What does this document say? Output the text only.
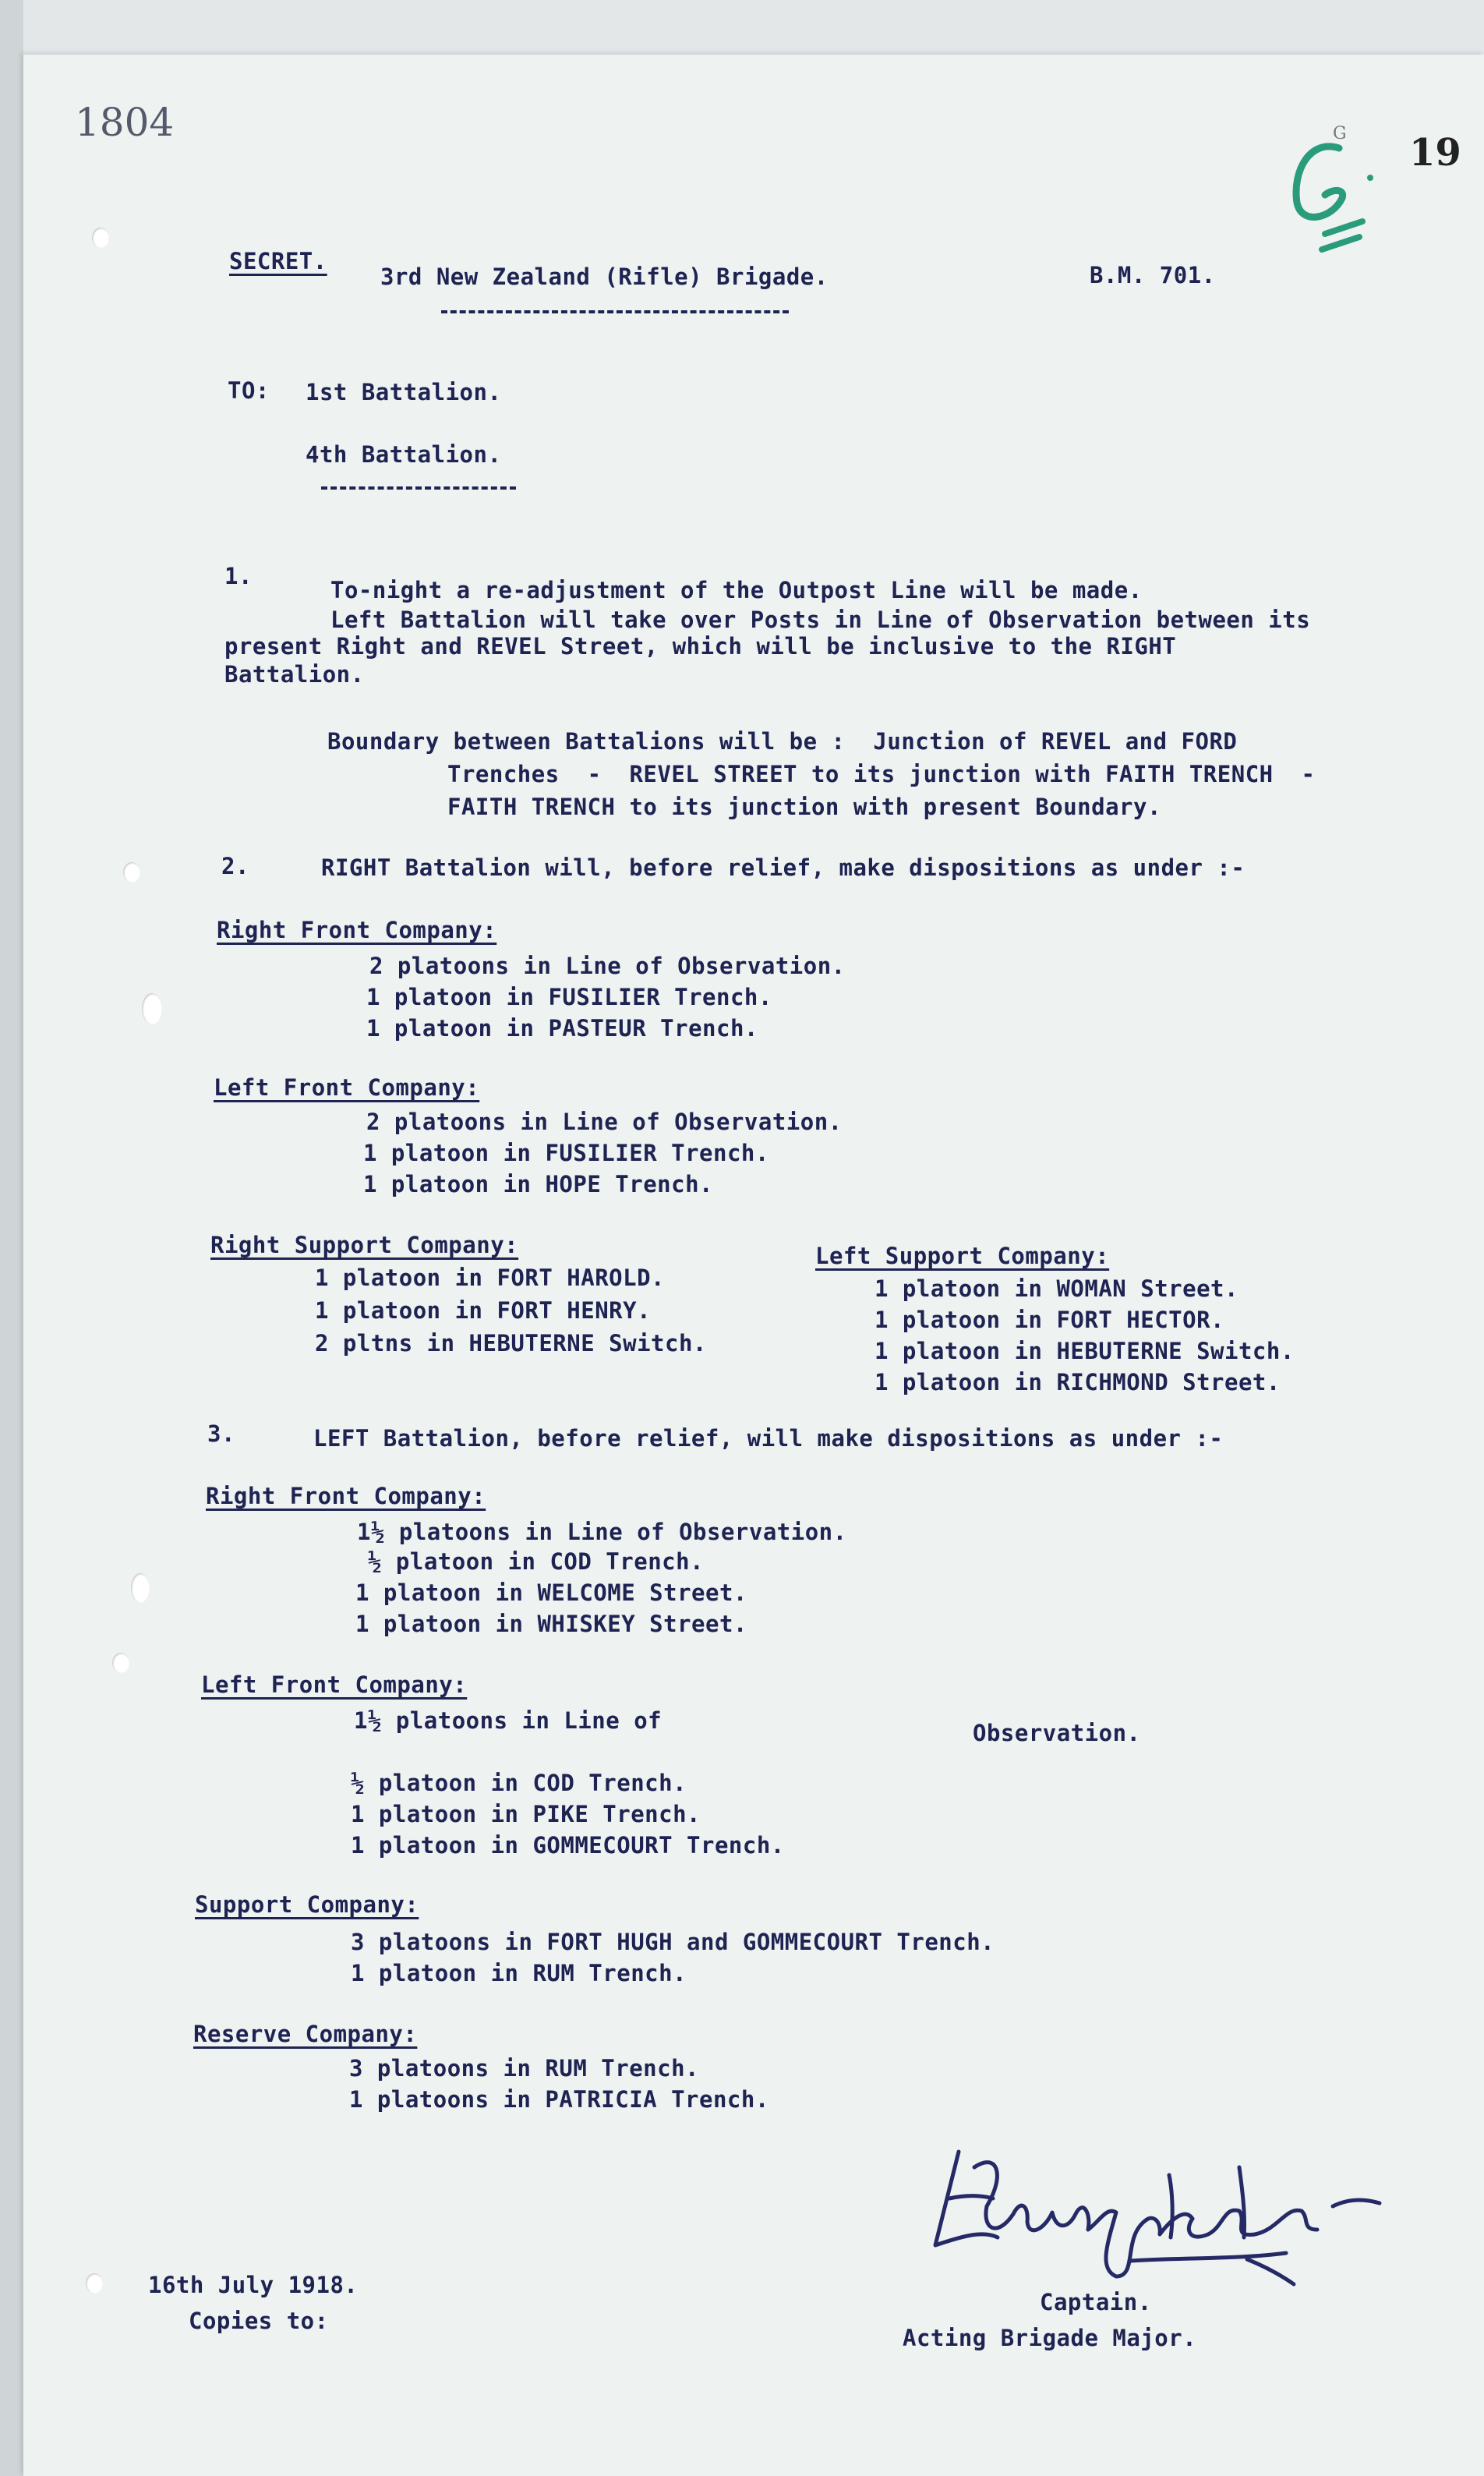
1804
19
G
SECRET.
3rd New Zealand (Rifle) Brigade.	B.M. 701.
TO: 1st Battalion.
4th Battalion.
1.
To-night a re-adjustment of the Outpost Line will be made.
Left Battalion will take over Posts in Line of Observation between its
present Right and REVEL Street, which will be inclusive to the RIGHT
Battalion.
Boundary between Battalions will be :  Junction of REVEL and FORD
Trenches  -  REVEL STREET to its junction with FAITH TRENCH  -
FAITH TRENCH to its junction with present Boundary.
2.	RIGHT Battalion will, before relief, make dispositions as under :-
Right Front Company:
2 platoons in Line of Observation.
1 platoon in FUSILIER Trench.
1 platoon in PASTEUR Trench.
Left Front Company:
2 platoons in Line of Observation.
1 platoon in FUSILIER Trench.
1 platoon in HOPE Trench.
Right Support Company:
1 platoon in FORT HAROLD.
1 platoon in FORT HENRY.
2 pltns in HEBUTERNE Switch.
Left Support Company:
1 platoon in WOMAN Street.
1 platoon in FORT HECTOR.
1 platoon in HEBUTERNE Switch.
1 platoon in RICHMOND Street.
3.	LEFT Battalion, before relief, will make dispositions as under :-
Right Front Company:
1½ platoons in Line of Observation.
½ platoon in COD Trench.
1 platoon in WELCOME Street.
1 platoon in WHISKEY Street.
Left Front Company:
1½ platoons in Line of	Observation.
½ platoon in COD Trench.
1 platoon in PIKE Trench.
1 platoon in GOMMECOURT Trench.
Support Company:
3 platoons in FORT HUGH and GOMMECOURT Trench.
1 platoon in RUM Trench.
Reserve Company:
3 platoons in RUM Trench.
1 platoons in PATRICIA Trench.
16th July 1918.
Copies to:
Captain.
Acting Brigade Major.
